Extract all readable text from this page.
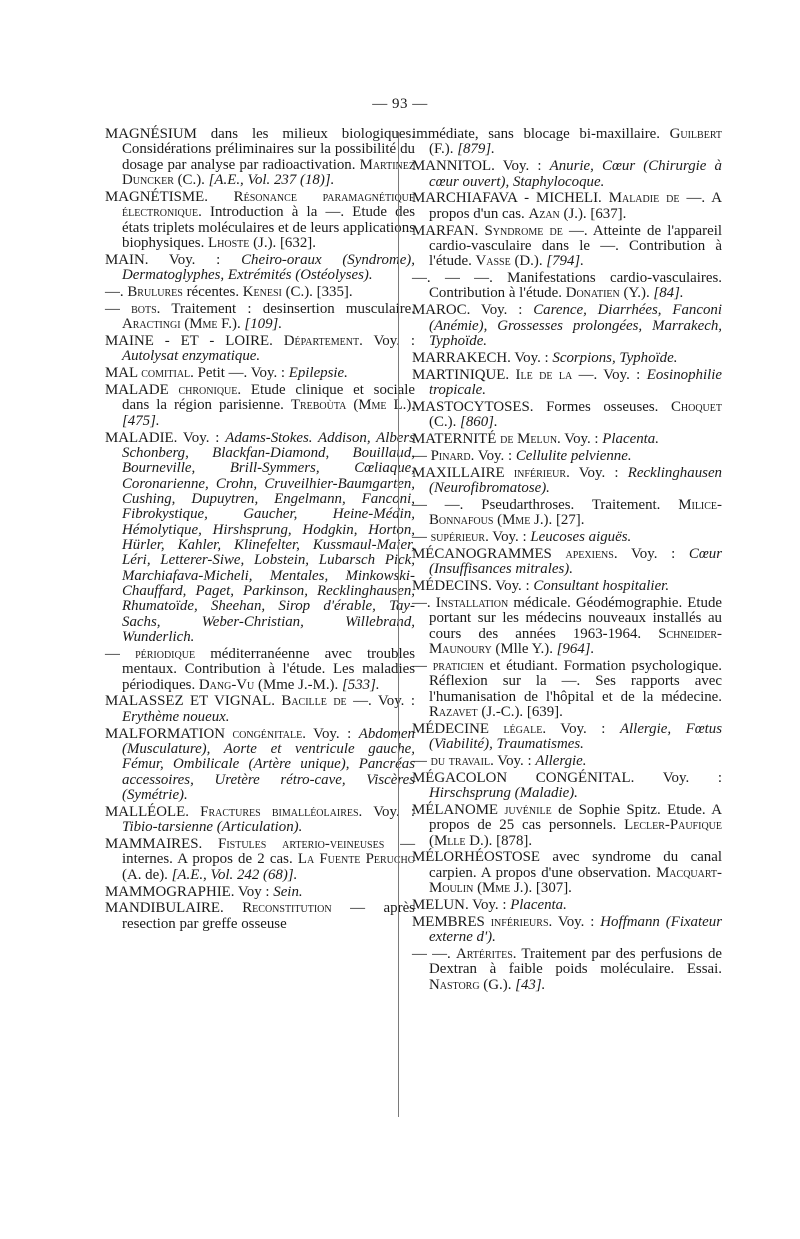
— 93 —

MAGNÉSIUM dans les milieux biologiques. Considérations préliminaires sur la possibilité du dosage par analyse par radioactivation. Martinez Duncker (C.). [A.E., Vol. 237 (18)].

MAGNÉTISME. Résonance paramagnétique électronique. Introduction à la —. Etude des états triplets moléculaires et de leurs applications biophysiques. Lhoste (J.). [632].

MAIN. Voy. : Cheiro-oraux (Syndrome), Dermatoglyphes, Extrémités (Ostéolyses).

—. Brulures récentes. Kenesi (C.). [335].

— bots. Traitement : desinsertion musculaire. Aractingi (Mme F.). [109].

MAINE - ET - LOIRE. Département. Voy. : Autolysat enzymatique.

MAL comitial. Petit —. Voy. : Epilepsie.

MALADE chronique. Etude clinique et sociale dans la région parisienne. Treboùta (Mme L.). [475].

MALADIE. Voy. : Adams-Stokes. Addison, Albers Schonberg, Blackfan-Diamond, Bouillaud, Bourneville, Brill-Symmers, Cœliaque, Coronarienne, Crohn, Cruveilhier-Baumgarten, Cushing, Dupuytren, Engelmann, Fanconi, Fibrokystique, Gaucher, Heine-Médin, Hémolytique, Hirshsprung, Hodgkin, Horton, Hürler, Kahler, Klinefelter, Kussmaul-Maier, Léri, Letterer-Siwe, Lobstein, Lubarsch Pick, Marchiafava-Micheli, Mentales, Minkowski-Chauffard, Paget, Parkinson, Recklinghausen, Rhumatoïde, Sheehan, Sirop d'érable, Tay-Sachs, Weber-Christian, Willebrand, Wunderlich.

— périodique méditerranéenne avec troubles mentaux. Contribution à l'étude. Les maladies périodiques. Dang-Vu (Mme J.-M.). [533].

MALASSEZ ET VIGNAL. Bacille de —. Voy. : Erythème noueux.

MALFORMATION congénitale. Voy. : Abdomen (Musculature), Aorte et ventricule gauche, Fémur, Ombilicale (Artère unique), Pancréas accessoires, Uretère rétro-cave, Viscères (Symétrie).

MALLÉOLE. Fractures bimalléolaires. Voy. : Tibio-tarsienne (Articulation).

MAMMAIRES. Fistules arterio-veineuses — internes. A propos de 2 cas. La Fuente Perucho (A. de). [A.E., Vol. 242 (68)].

MAMMOGRAPHIE. Voy : Sein.

MANDIBULAIRE. Reconstitution — après resection par greffe osseuse

immédiate, sans blocage bi-maxillaire. Guilbert (F.). [879].

MANNITOL. Voy. : Anurie, Cœur (Chirurgie à cœur ouvert), Staphylocoque.

MARCHIAFAVA - MICHELI. Maladie de —. A propos d'un cas. Azan (J.). [637].

MARFAN. Syndrome de —. Atteinte de l'appareil cardio-vasculaire dans le —. Contribution à l'étude. Vasse (D.). [794].

—. — —. Manifestations cardio-vasculaires. Contribution à l'étude. Donatien (Y.). [84].

MAROC. Voy. : Carence, Diarrhées, Fanconi (Anémie), Grossesses prolongées, Marrakech, Typhoïde.

MARRAKECH. Voy. : Scorpions, Typhoïde.

MARTINIQUE. Ile de la —. Voy. : Eosinophilie tropicale.

MASTOCYTOSES. Formes osseuses. Choquet (C.). [860].

MATERNITÉ de Melun. Voy. : Placenta.

— Pinard. Voy. : Cellulite pelvienne.

MAXILLAIRE inférieur. Voy. : Recklinghausen (Neurofibromatose).

— —. Pseudarthroses. Traitement. Milice-Bonnafous (Mme J.). [27].

— supérieur. Voy. : Leucoses aiguës.

MÉCANOGRAMMES apexiens. Voy. : Cœur (Insuffisances mitrales).

MÉDECINS. Voy. : Consultant hospitalier.

—. Installation médicale. Géodémographie. Etude portant sur les médecins nouveaux installés au cours des années 1963-1964. Schneider-Maunoury (Mlle Y.). [964].

— praticien et étudiant. Formation psychologique. Réflexion sur la —. Ses rapports avec l'humanisation de l'hôpital et de la médecine. Razavet (J.-C.). [639].

MÉDECINE légale. Voy. : Allergie, Fœtus (Viabilité), Traumatismes.

— du travail. Voy. : Allergie.

MÉGACOLON CONGÉNITAL. Voy. : Hirschsprung (Maladie).

MÉLANOME juvénile de Sophie Spitz. Etude. A propos de 25 cas personnels. Lecler-Paufique (Mlle D.). [878].

MÉLORHÉOSTOSE avec syndrome du canal carpien. A propos d'une observation. Macquart-Moulin (Mme J.). [307].

MELUN. Voy. : Placenta.

MEMBRES inférieurs. Voy. : Hoffmann (Fixateur externe d').

— —. Artérites. Traitement par des perfusions de Dextran à faible poids moléculaire. Essai. Nastorg (G.). [43].
